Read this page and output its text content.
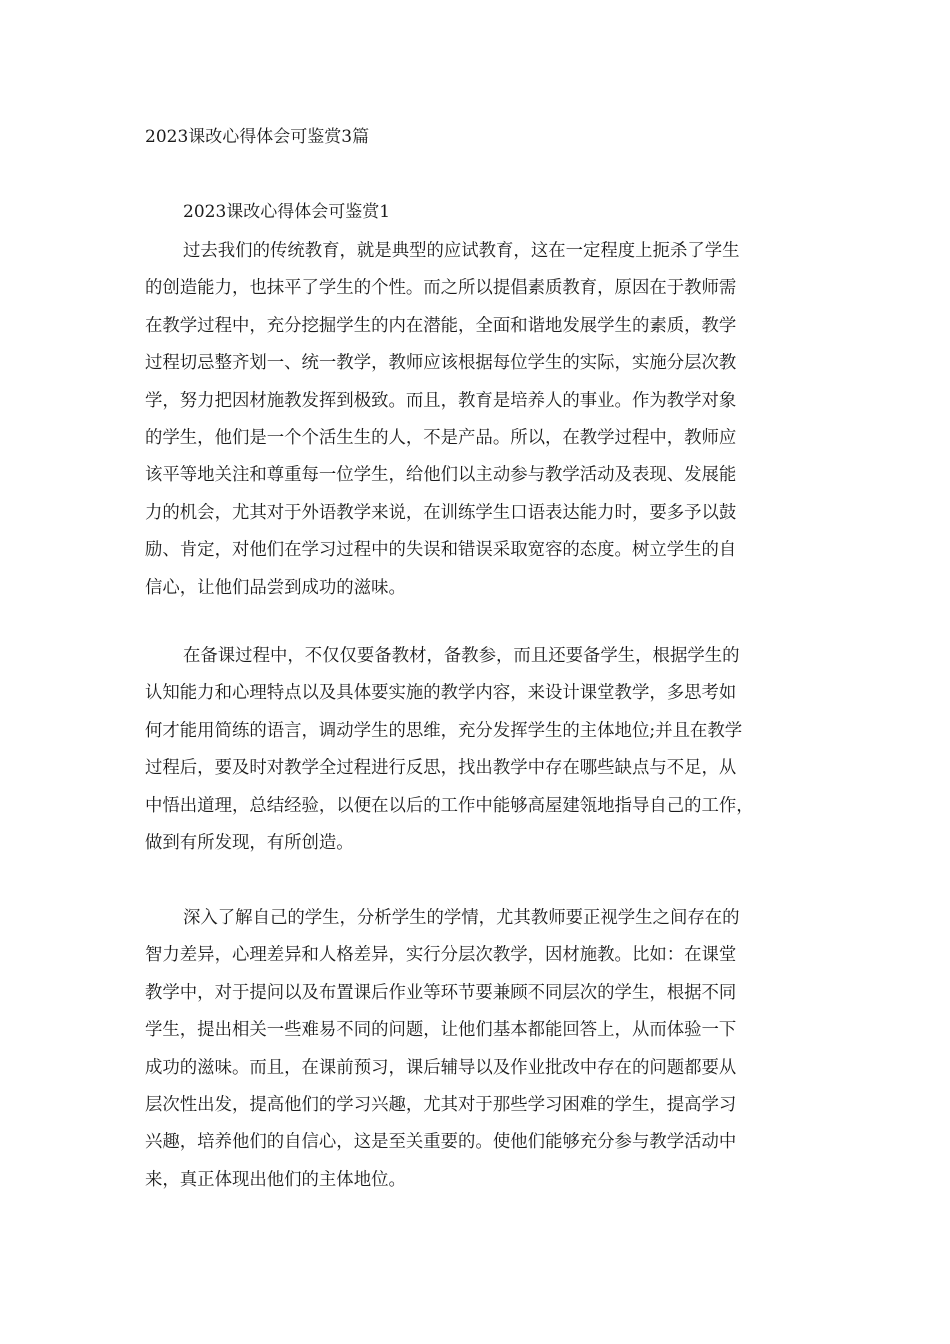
2023课改心得体会可鉴赏3篇
2023课改心得体会可鉴赏1
过去我们的传统教育，就是典型的应试教育，这在一定程度上扼杀了学生
的创造能力，也抹平了学生的个性。而之所以提倡素质教育，原因在于教师需
在教学过程中，充分挖掘学生的内在潜能，全面和谐地发展学生的素质，教学
过程切忌整齐划一、统一教学，教师应该根据每位学生的实际，实施分层次教
学，努力把因材施教发挥到极致。而且，教育是培养人的事业。作为教学对象
的学生，他们是一个个活生生的人，不是产品。所以，在教学过程中，教师应
该平等地关注和尊重每一位学生，给他们以主动参与教学活动及表现、发展能
力的机会，尤其对于外语教学来说，在训练学生口语表达能力时，要多予以鼓
励、肯定，对他们在学习过程中的失误和错误采取宽容的态度。树立学生的自
信心，让他们品尝到成功的滋味。
在备课过程中，不仅仅要备教材，备教参，而且还要备学生，根据学生的
认知能力和心理特点以及具体要实施的教学内容，来设计课堂教学，多思考如
何才能用简练的语言，调动学生的思维，充分发挥学生的主体地位;并且在教学
过程后，要及时对教学全过程进行反思，找出教学中存在哪些缺点与不足，从
中悟出道理，总结经验，以便在以后的工作中能够高屋建瓴地指导自己的工作，
做到有所发现，有所创造。
深入了解自己的学生，分析学生的学情，尤其教师要正视学生之间存在的
智力差异，心理差异和人格差异，实行分层次教学，因材施教。比如：在课堂
教学中，对于提问以及布置课后作业等环节要兼顾不同层次的学生，根据不同
学生，提出相关一些难易不同的问题，让他们基本都能回答上，从而体验一下
成功的滋味。而且，在课前预习，课后辅导以及作业批改中存在的问题都要从
层次性出发，提高他们的学习兴趣，尤其对于那些学习困难的学生，提高学习
兴趣，培养他们的自信心，这是至关重要的。使他们能够充分参与教学活动中
来，真正体现出他们的主体地位。
